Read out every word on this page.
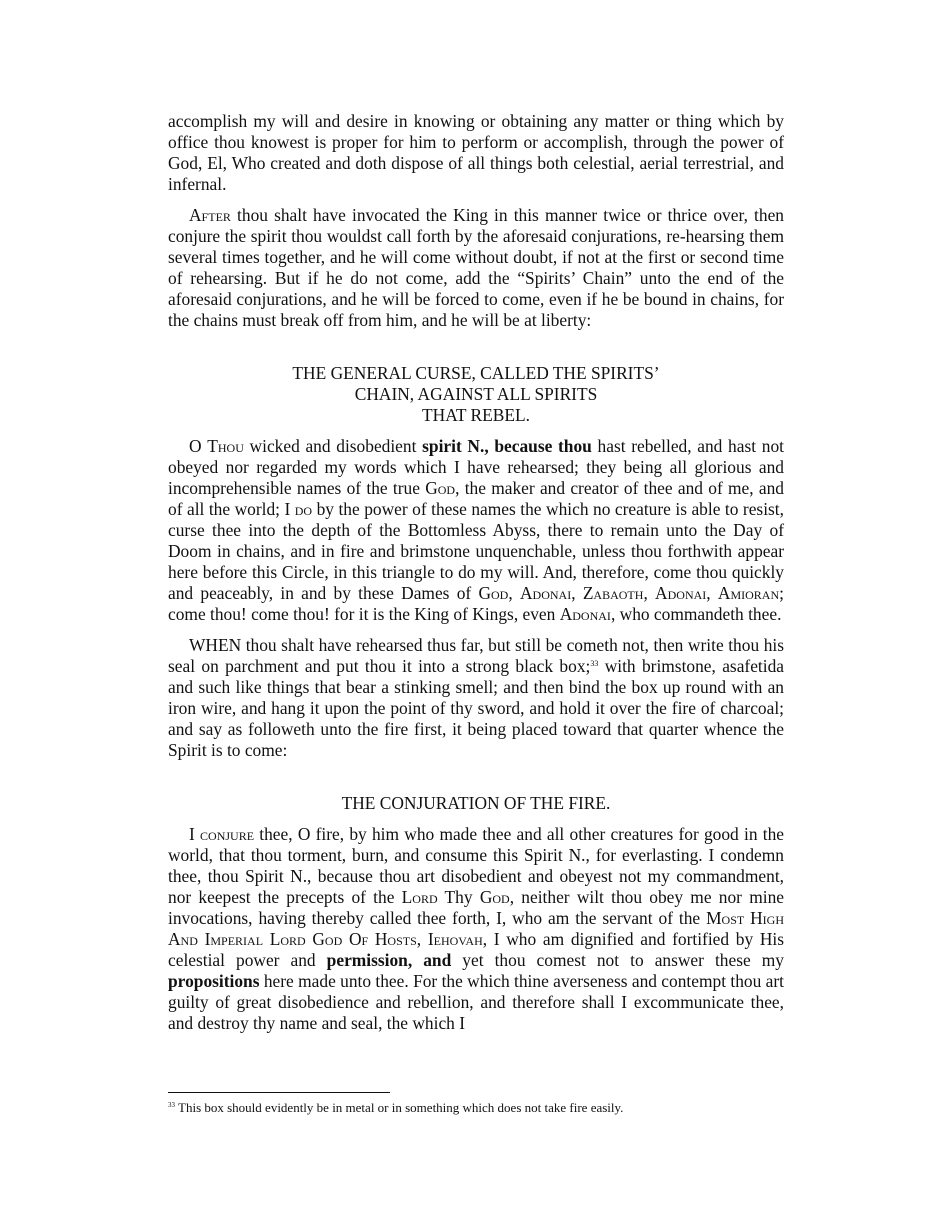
accomplish my will and desire in knowing or obtaining any matter or thing which by office thou knowest is proper for him to perform or accomplish, through the power of God, El, Who created and doth dispose of all things both celestial, aerial terrestrial, and infernal.

After thou shalt have invocated the King in this manner twice or thrice over, then conjure the spirit thou wouldst call forth by the aforesaid conjurations, re-hearsing them several times together, and he will come without doubt, if not at the first or second time of rehearsing. But if he do not come, add the “Spirits’ Chain” unto the end of the aforesaid conjurations, and he will be forced to come, even if he be bound in chains, for the chains must break off from him, and he will be at liberty:

THE GENERAL CURSE, CALLED THE SPIRITS’
CHAIN, AGAINST ALL SPIRITS
THAT REBEL.

O Thou wicked and disobedient spirit N., because thou hast rebelled, and hast not obeyed nor regarded my words which I have rehearsed; they being all glorious and incomprehensible names of the true God, the maker and creator of thee and of me, and of all the world; I do by the power of these names the which no creature is able to resist, curse thee into the depth of the Bottomless Abyss, there to remain unto the Day of Doom in chains, and in fire and brimstone unquenchable, unless thou forthwith appear here before this Circle, in this triangle to do my will. And, therefore, come thou quickly and peaceably, in and by these Dames of God, Adonai, Zabaoth, Adonai, Amioran; come thou! come thou! for it is the King of Kings, even Adonai, who commandeth thee.

WHEN thou shalt have rehearsed thus far, but still be cometh not, then write thou his seal on parchment and put thou it into a strong black box;$^{33}$ with brimstone, asafetida and such like things that bear a stinking smell; and then bind the box up round with an iron wire, and hang it upon the point of thy sword, and hold it over the fire of charcoal; and say as followeth unto the fire first, it being placed toward that quarter whence the Spirit is to come:

THE CONJURATION OF THE FIRE.

I conjure thee, O fire, by him who made thee and all other creatures for good in the world, that thou torment, burn, and consume this Spirit N., for everlasting. I condemn thee, thou Spirit N., because thou art disobedient and obeyest not my commandment, nor keepest the precepts of the Lord Thy God, neither wilt thou obey me nor mine invocations, having thereby called thee forth, I, who am the servant of the Most High And Imperial Lord God Of Hosts, Iehovah, I who am dignified and fortified by His celestial power and permission, and yet thou comest not to answer these my propositions here made unto thee. For the which thine averseness and contempt thou art guilty of great disobedience and rebellion, and therefore shall I excommunicate thee, and destroy thy name and seal, the which I

$^{33}$ This box should evidently be in metal or in something which does not take fire easily.
